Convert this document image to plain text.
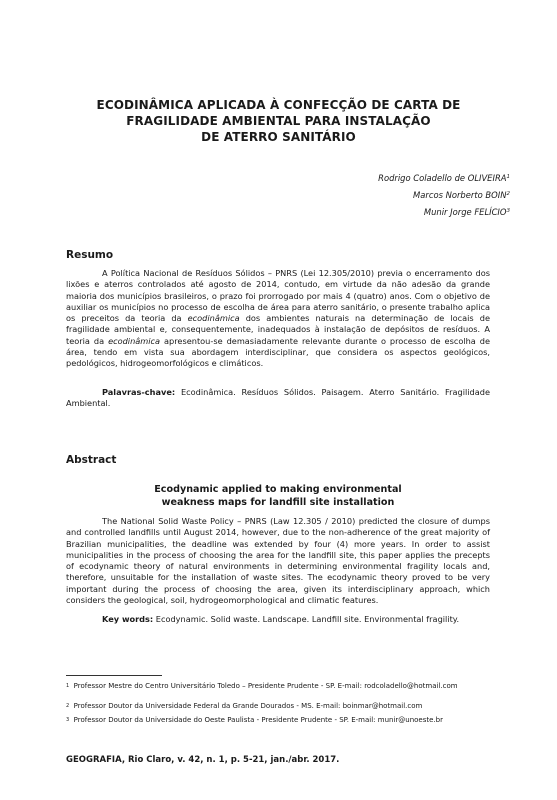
ECODINÂMICA APLICADA À CONFECÇÃO DE CARTA DE
FRAGILIDADE AMBIENTAL PARA INSTALAÇÃO
DE ATERRO SANITÁRIO
Rodrigo Coladello de OLIVEIRA$^1$
Marcos Norberto BOIN$^2$
Munir Jorge FELÍCIO$^3$
Resumo
A Política Nacional de Resíduos Sólidos – PNRS (Lei 12.305/2010) previa o encerramento dos lixões e aterros controlados até agosto de 2014, contudo, em virtude da não adesão da grande maioria dos municípios brasileiros, o prazo foi prorrogado por mais 4 (quatro) anos. Com o objetivo de auxiliar os municípios no processo de escolha de área para aterro sanitário, o presente trabalho aplica os preceitos da teoria da ecodinâmica dos ambientes naturais na determinação de locais de fragilidade ambiental e, consequentemente, inadequados à instalação de depósitos de resíduos. A teoria da ecodinâmica apresentou-se demasiadamente relevante durante o processo de escolha de área, tendo em vista sua abordagem interdisciplinar, que considera os aspectos geológicos, pedológicos, hidrogeomorfológicos e climáticos.
Palavras-chave: Ecodinâmica. Resíduos Sólidos. Paisagem. Aterro Sanitário. Fragilidade Ambiental.
Abstract
Ecodynamic applied to making environmental
weakness maps for landfill site installation
The National Solid Waste Policy – PNRS (Law 12.305 / 2010) predicted the closure of dumps and controlled landfills until August 2014, however, due to the non-adherence of the great majority of Brazilian municipalities, the deadline was extended by four (4) more years. In order to assist municipalities in the process of choosing the area for the landfill site, this paper applies the precepts of ecodynamic theory of natural environments in determining environmental fragility locals and, therefore, unsuitable for the installation of waste sites. The ecodynamic theory proved to be very important during the process of choosing the area, given its interdisciplinary approach, which considers the geological, soil, hydrogeomorphological and climatic features.
Key words: Ecodynamic. Solid waste. Landscape. Landfill site. Environmental fragility.
$^1$ Professor Mestre do Centro Universitário Toledo – Presidente Prudente - SP. E-mail: rodcoladello@hotmail.com
$^2$ Professor Doutor da Universidade Federal da Grande Dourados - MS. E-mail: boinmar@hotmail.com
$^3$ Professor Doutor da Universidade do Oeste Paulista - Presidente Prudente - SP. E-mail: munir@unoeste.br
GEOGRAFIA, Rio Claro, v. 42, n. 1, p. 5-21, jan./abr. 2017.
